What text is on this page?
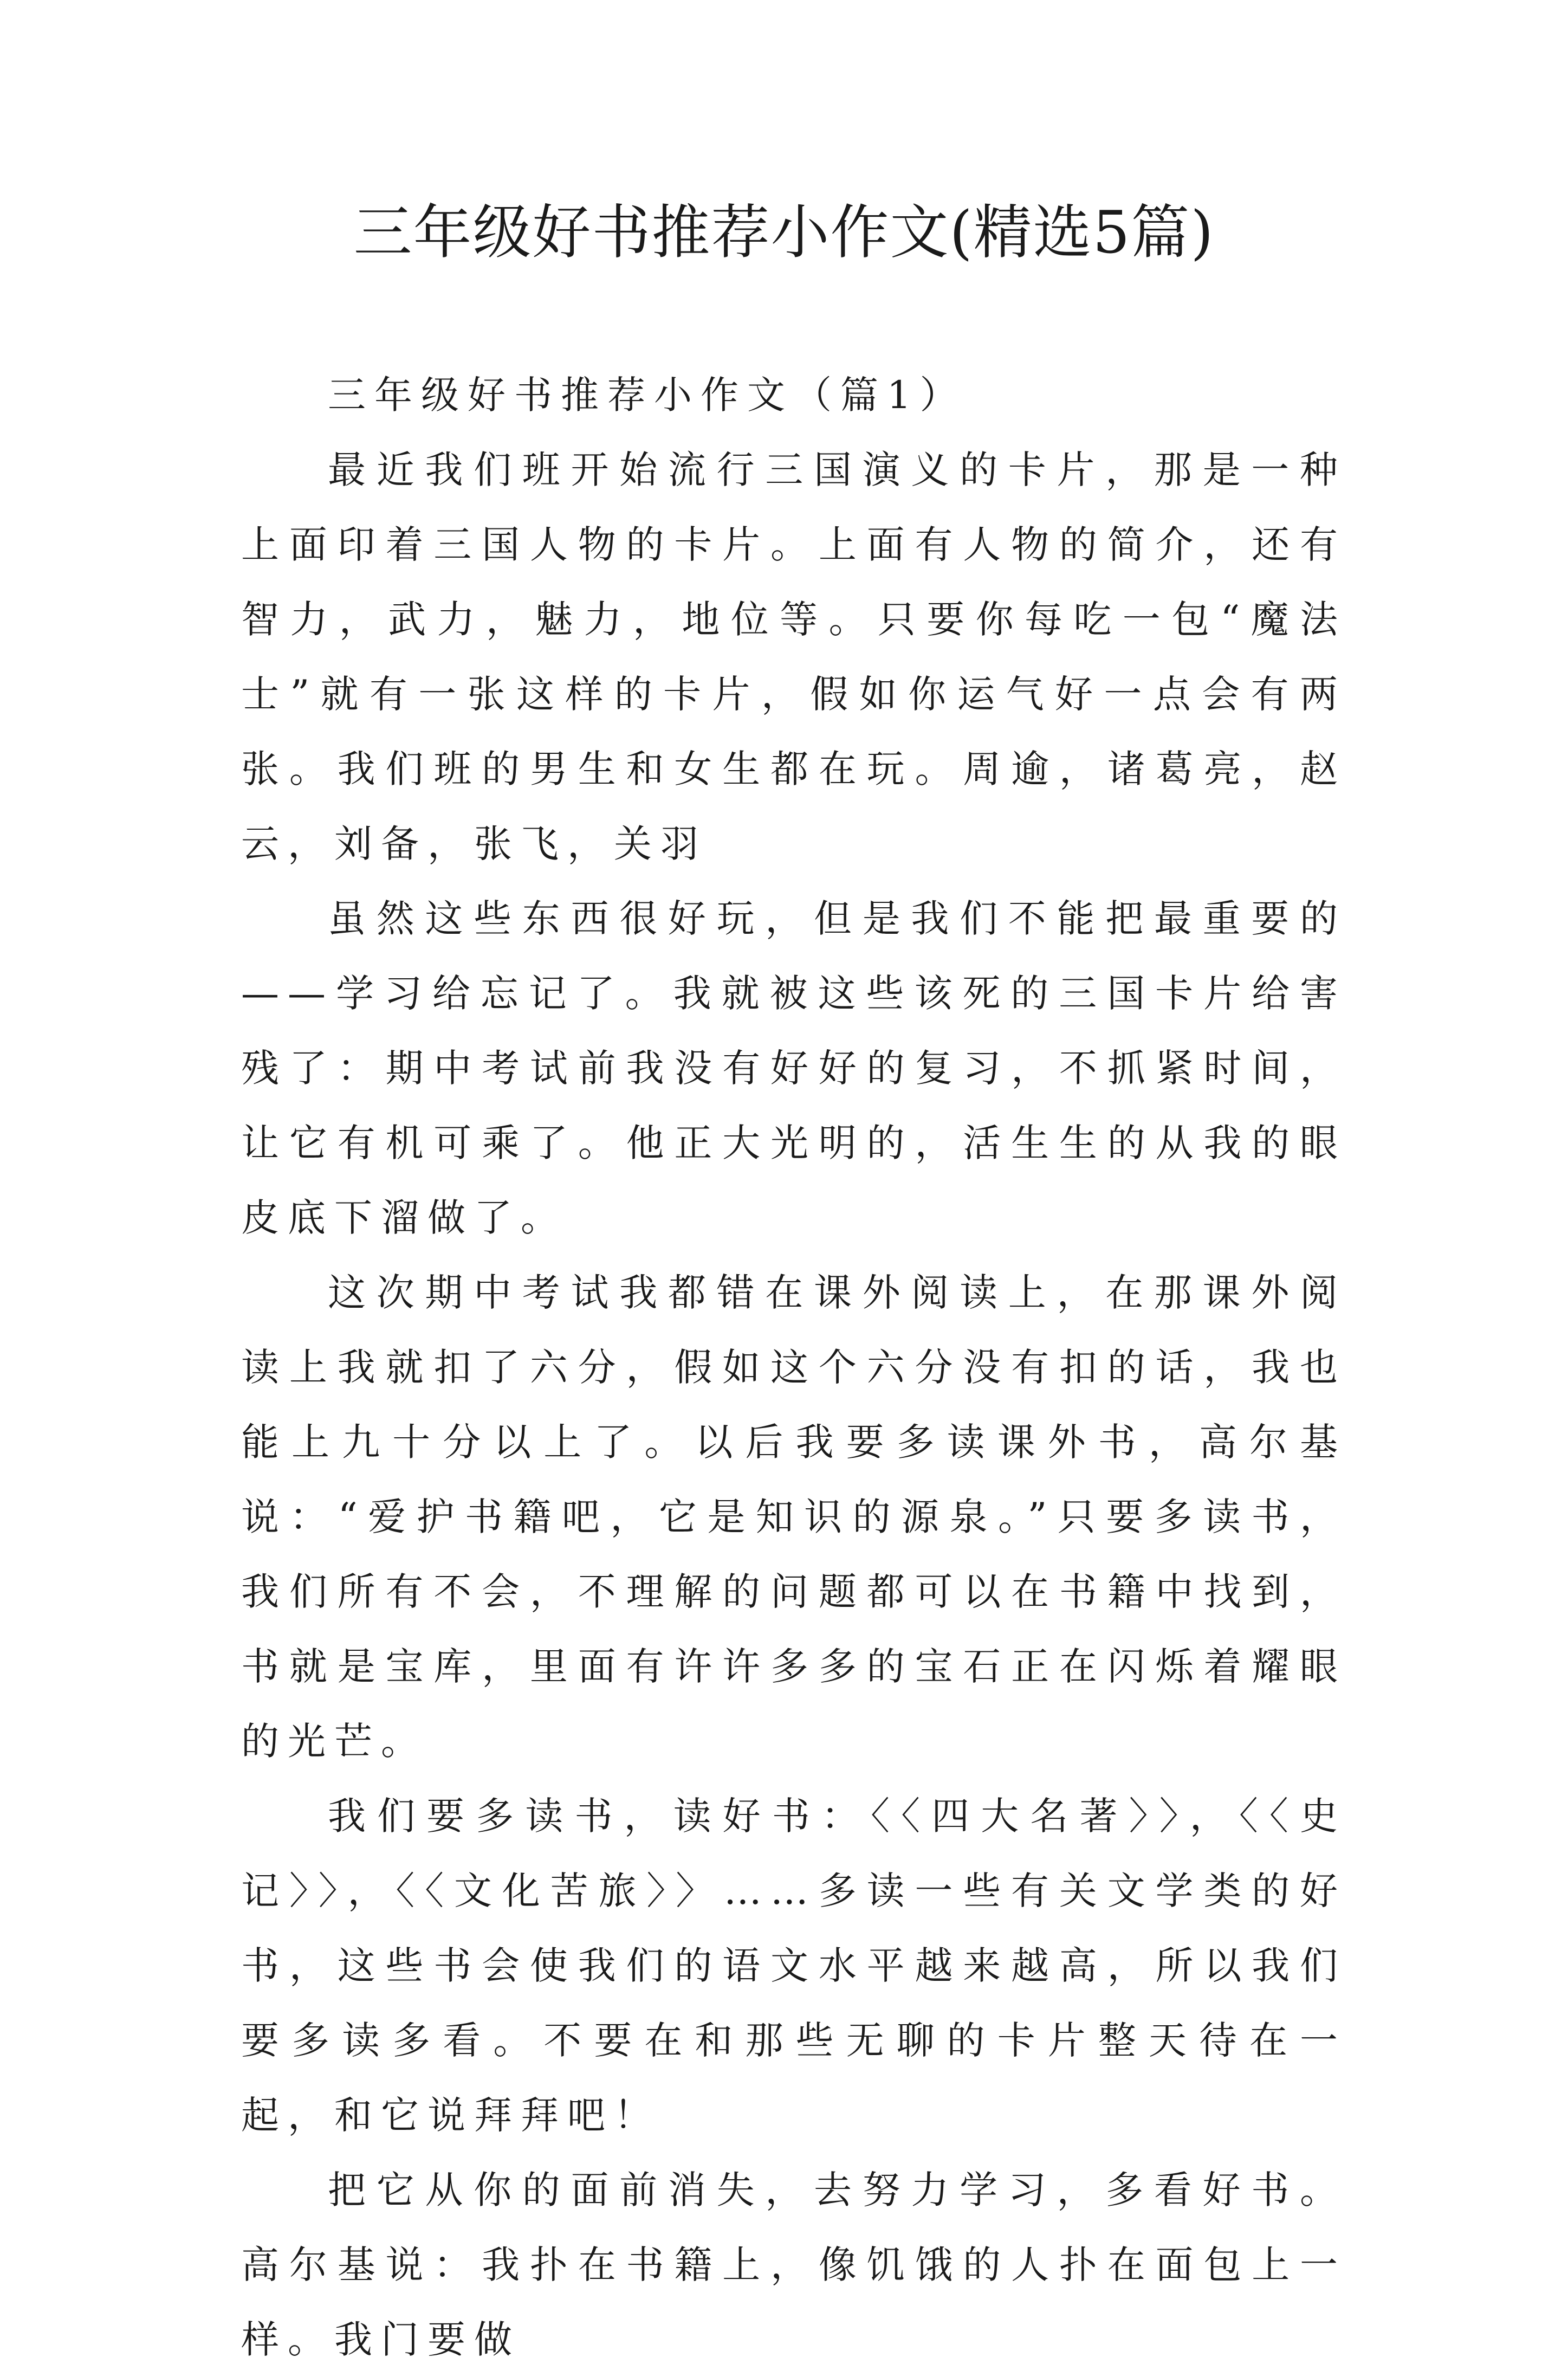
三年级好书推荐小作文(精选5篇)

三年级好书推荐小作文（篇1）

最近我们班开始流行三国演义的卡片，那是一种上面印着三国人物的卡片。上面有人物的简介，还有智力，武力，魅力，地位等。只要你每吃一包“魔法士”就有一张这样的卡片，假如你运气好一点会有两张。我们班的男生和女生都在玩。周逾，诸葛亮，赵云，刘备，张飞，关羽

虽然这些东西很好玩，但是我们不能把最重要的——学习给忘记了。我就被这些该死的三国卡片给害残了：期中考试前我没有好好的复习，不抓紧时间，让它有机可乘了。他正大光明的，活生生的从我的眼皮底下溜做了。

这次期中考试我都错在课外阅读上，在那课外阅读上我就扣了六分，假如这个六分没有扣的话，我也能上九十分以上了。以后我要多读课外书，高尔基说：“爱护书籍吧，它是知识的源泉。”只要多读书，我们所有不会，不理解的问题都可以在书籍中找到，书就是宝库，里面有许许多多的宝石正在闪烁着耀眼的光芒。

我们要多读书，读好书：〈〈四大名著〉〉，〈〈史记〉〉，〈〈文化苦旅〉〉……多读一些有关文学类的好书，这些书会使我们的语文水平越来越高，所以我们要多读多看。不要在和那些无聊的卡片整天待在一起，和它说拜拜吧！

把它从你的面前消失，去努力学习，多看好书。高尔基说：我扑在书籍上，像饥饿的人扑在面包上一样。我门要做
